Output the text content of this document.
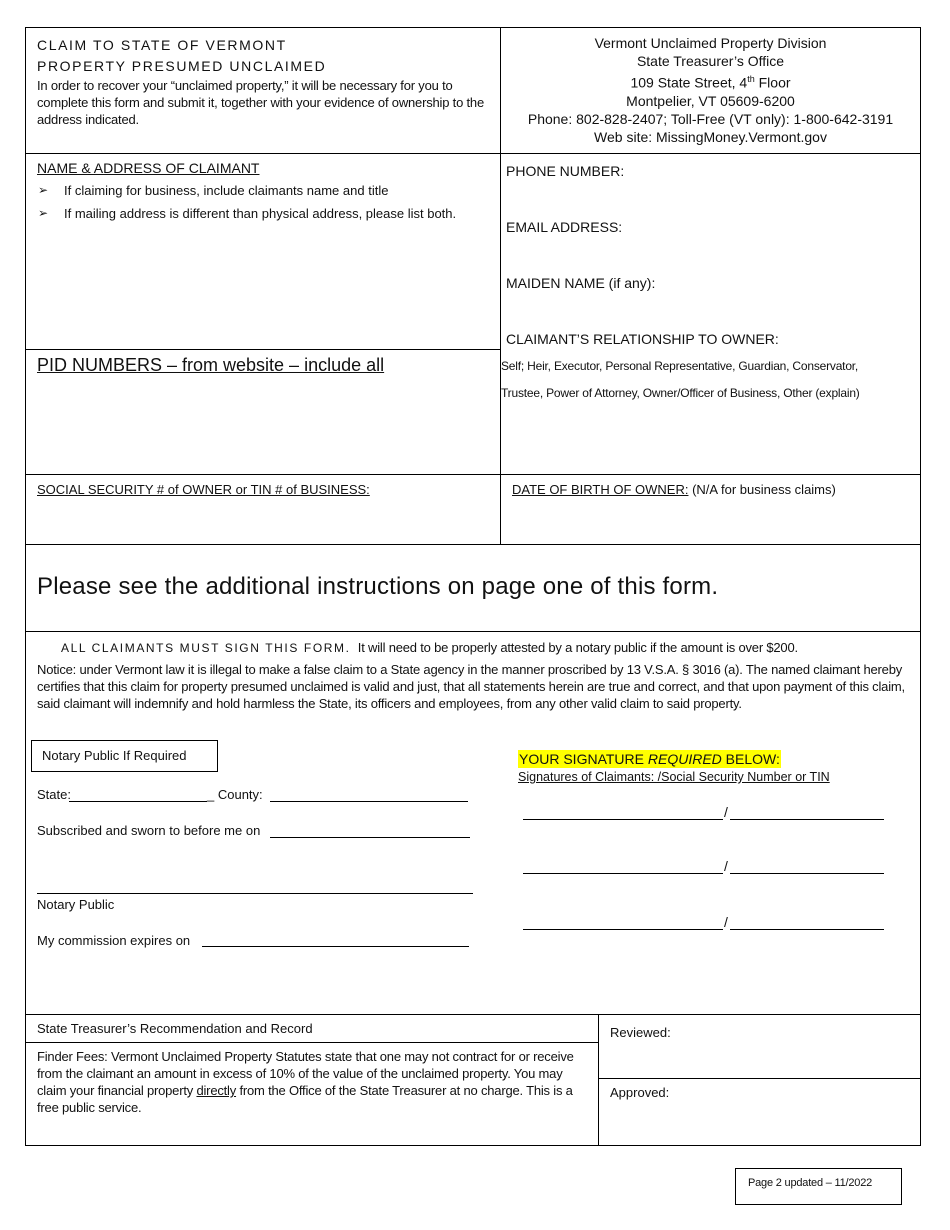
CLAIM TO STATE OF VERMONT
PROPERTY PRESUMED UNCLAIMED
In order to recover your “unclaimed property,” it will be necessary for you to complete this form and submit it, together with your evidence of ownership to the address indicated.
Vermont Unclaimed Property Division
State Treasurer’s Office
109 State Street, 4th Floor
Montpelier, VT 05609-6200
Phone: 802-828-2407; Toll-Free (VT only): 1-800-642-3191
Web site: MissingMoney.Vermont.gov
NAME & ADDRESS OF CLAIMANT
➢ If claiming for business, include claimants name and title
➢ If mailing address is different than physical address, please list both.
PID NUMBERS – from website – include all
PHONE NUMBER:
EMAIL ADDRESS:
MAIDEN NAME (if any):
CLAIMANT’S RELATIONSHIP TO OWNER:
Self; Heir, Executor, Personal Representative, Guardian, Conservator,
Trustee, Power of Attorney, Owner/Officer of Business, Other (explain)
SOCIAL SECURITY # of OWNER or TIN # of BUSINESS:	DATE OF BIRTH OF OWNER: (N/A for business claims)
Please see the additional instructions on page one of this form.
ALL CLAIMANTS MUST SIGN THIS FORM. It will need to be properly attested by a notary public if the amount is over $200.
Notice: under Vermont law it is illegal to make a false claim to a State agency in the manner proscribed by 13 V.S.A. § 3016 (a). The named claimant hereby certifies that this claim for property presumed unclaimed is valid and just, that all statements herein are true and correct, and that upon payment of this claim, said claimant will indemnify and hold harmless the State, its officers and employees, from any other valid claim to said property.
Notary Public If Required
State:	_ County:
Subscribed and sworn to before me on
Notary Public
My commission expires on
YOUR SIGNATURE REQUIRED BELOW:
Signatures of Claimants: /Social Security Number or TIN
/
/
/
State Treasurer’s Recommendation and Record
Finder Fees: Vermont Unclaimed Property Statutes state that one may not contract for or receive from the claimant an amount in excess of 10% of the value of the unclaimed property. You may claim your financial property directly from the Office of the State Treasurer at no charge. This is a free public service.
Reviewed:
Approved:
Page 2 updated – 11/2022
